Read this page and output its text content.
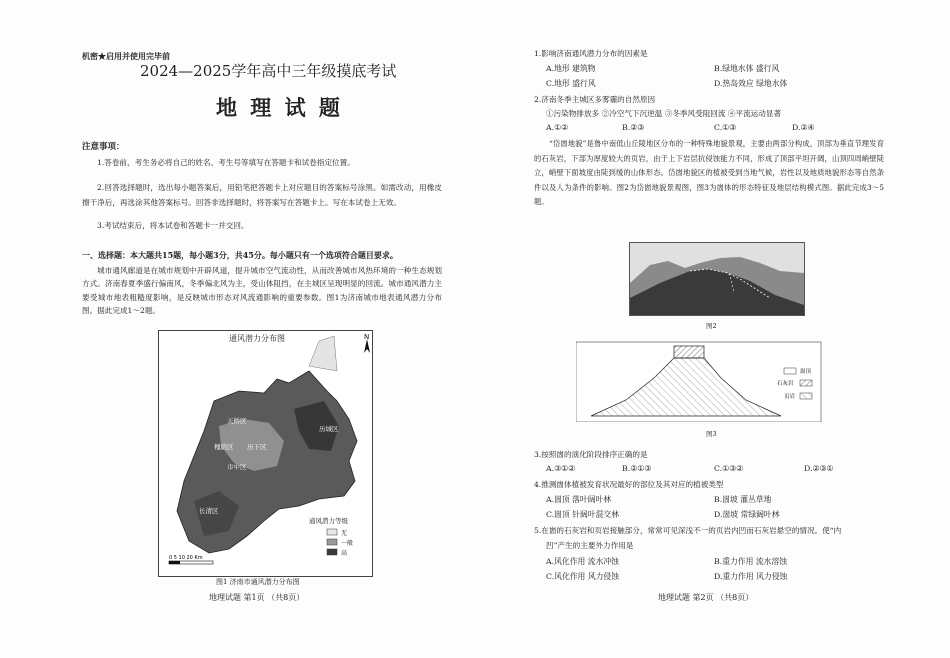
机密★启用并使用完毕前
2024—2025学年高中三年级摸底考试
地 理 试 题
注意事项：
1.答卷前，考生务必将自己的姓名、考生号等填写在答题卡和试卷指定位置。
2.回答选择题时，选出每小题答案后，用铅笔把答题卡上对应题目的答案标号涂黑。如需改动，用橡皮擦干净后，再选涂其他答案标号。回答非选择题时，将答案写在答题卡上。写在本试卷上无效。
3.考试结束后，将本试卷和答题卡一并交回。
一、选择题：本大题共15题，每小题3分，共45分。每小题只有一个选项符合题目要求。
城市通风廊道是在城市规划中开辟风道，提升城市空气流动性，从而改善城市风热环境的一种生态规划方式。济南春夏季盛行偏南风，冬季偏北风为主，受山体阻挡，在主城区呈现明显的回流。城市通风潜力主要受城市地表粗糙度影响，是反映城市形态对风流通影响的重要参数。图1为济南城市地表通风潜力分布图。据此完成1～2题。
通风潜力分布图	N
天桥区
槐荫区 历下区
市中区
历城区
长清区
通风潜力等级
无
一般
高
0 5 10 20 Km
图1 济南市通风潜力分布图
地理试题 第1页 （共8页）
1.影响济南通风潜力分布的因素是
A.地形 建筑物	B.绿地水体 盛行风
C.地形 盛行风	D.热岛效应 绿地水体
2.济南冬季主城区多雾霾的自然原因
①污染物排放多 ②冷空气下沉逆温 ③冬季风受阻回流 ④平流运动显著
A.①②	B.②③	C.①③	D.②④
“岱崮地貌”是鲁中南低山丘陵地区分布的一种特殊地貌景观，主要由两部分构成，顶部为垂直节理发育的石灰岩，下部为厚度较大的页岩，由于上下岩层抗侵蚀能力不同，形成了顶部平坦开阔，山顶四周峭壁陡立，峭壁下面坡度由陡到缓的山体形态。岱崮地貌区的植被受到当地气候，岩性以及地质地貌形态等自然条件以及人为条件的影响。图2为岱崮地貌景观图，图3为崮体的形态特征及地层结构模式图。据此完成3～5题。
图2
崮顶
石灰岩
页岩
图3
3.按照崮的演化阶段排序正确的是
A.③①②	B.②①③	C.①③②	D.②③①
4.推测崮体植被发育状况最好的部位及其对应的植被类型
A.崮顶 落叶阔叶林	B.崮坡 灌丛草地
C.崮顶 针阔叶混交林	D.崮坡 常绿阔叶林
5.在崮的石灰岩和页岩接触部分，常常可见深浅不一的页岩内凹而石灰岩悬空的情况。使“内
凹”产生的主要外力作用是
A.风化作用 流水冲蚀	B.重力作用 流水溶蚀
C.风化作用 风力侵蚀	D.重力作用 风力侵蚀
地理试题 第2页 （共8页）
